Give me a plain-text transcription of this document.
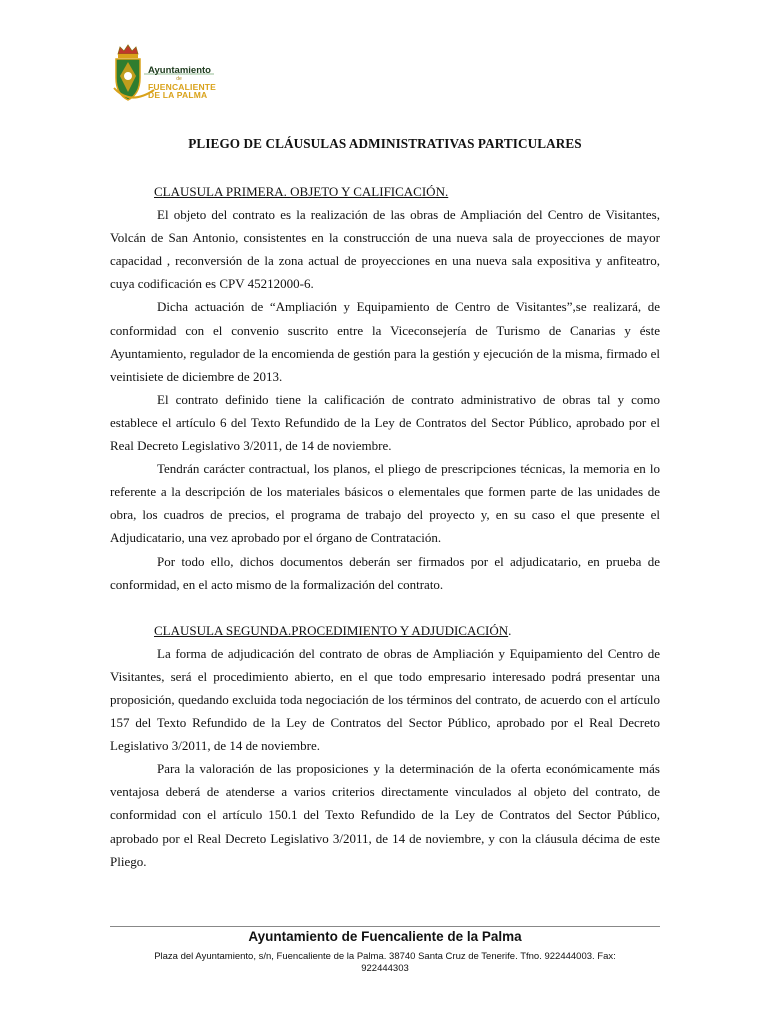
Ayuntamiento
de
FUENCALIENTE
DE LA PALMA
PLIEGO DE CLÁUSULAS ADMINISTRATIVAS PARTICULARES
CLAUSULA PRIMERA. OBJETO Y CALIFICACIÓN.

El objeto del contrato es la realización de las obras de Ampliación del Centro de Visitantes, Volcán de San Antonio, consistentes en la construcción de una nueva sala de proyecciones de mayor capacidad , reconversión de la zona actual de proyecciones en una nueva sala expositiva y anfiteatro, cuya codificación es CPV 45212000-6.

Dicha actuación de “Ampliación y Equipamiento de Centro de Visitantes”,se realizará, de conformidad con el convenio suscrito entre la Viceconsejería de Turismo de Canarias y éste Ayuntamiento, regulador de la encomienda de gestión para la gestión y ejecución de la misma, firmado el veintisiete de diciembre de 2013.

El contrato definido tiene la calificación de contrato administrativo de obras tal y como establece el artículo 6 del Texto Refundido de la Ley de Contratos del Sector Público, aprobado por el Real Decreto Legislativo 3/2011, de 14 de noviembre.

Tendrán carácter contractual, los planos, el pliego de prescripciones técnicas, la memoria en lo referente a la descripción de los materiales básicos o elementales que formen parte de las unidades de obra, los cuadros de precios, el programa de trabajo del proyecto y, en su caso el que presente el Adjudicatario, una vez aprobado por el órgano de Contratación.

Por todo ello, dichos documentos deberán ser firmados por el adjudicatario, en prueba de conformidad, en el acto mismo de la formalización del contrato.

CLAUSULA SEGUNDA.PROCEDIMIENTO Y ADJUDICACIÓN.

La forma de adjudicación del contrato de obras de Ampliación y Equipamiento del Centro de Visitantes, será el procedimiento abierto, en el que todo empresario interesado podrá presentar una proposición, quedando excluida toda negociación de los términos del contrato, de acuerdo con el artículo 157 del Texto Refundido de la Ley de Contratos del Sector Público, aprobado por el Real Decreto Legislativo 3/2011, de 14 de noviembre.

Para la valoración de las proposiciones y la determinación de la oferta económicamente más ventajosa deberá de atenderse a varios criterios directamente vinculados al objeto del contrato, de conformidad con el artículo 150.1 del Texto Refundido de la Ley de Contratos del Sector Público, aprobado por el Real Decreto Legislativo 3/2011, de 14 de noviembre, y con la cláusula décima de este Pliego.

Ayuntamiento de Fuencaliente de la Palma
Plaza del Ayuntamiento, s/n, Fuencaliente de la Palma. 38740 Santa Cruz de Tenerife. Tfno. 922444003. Fax: 922444303
